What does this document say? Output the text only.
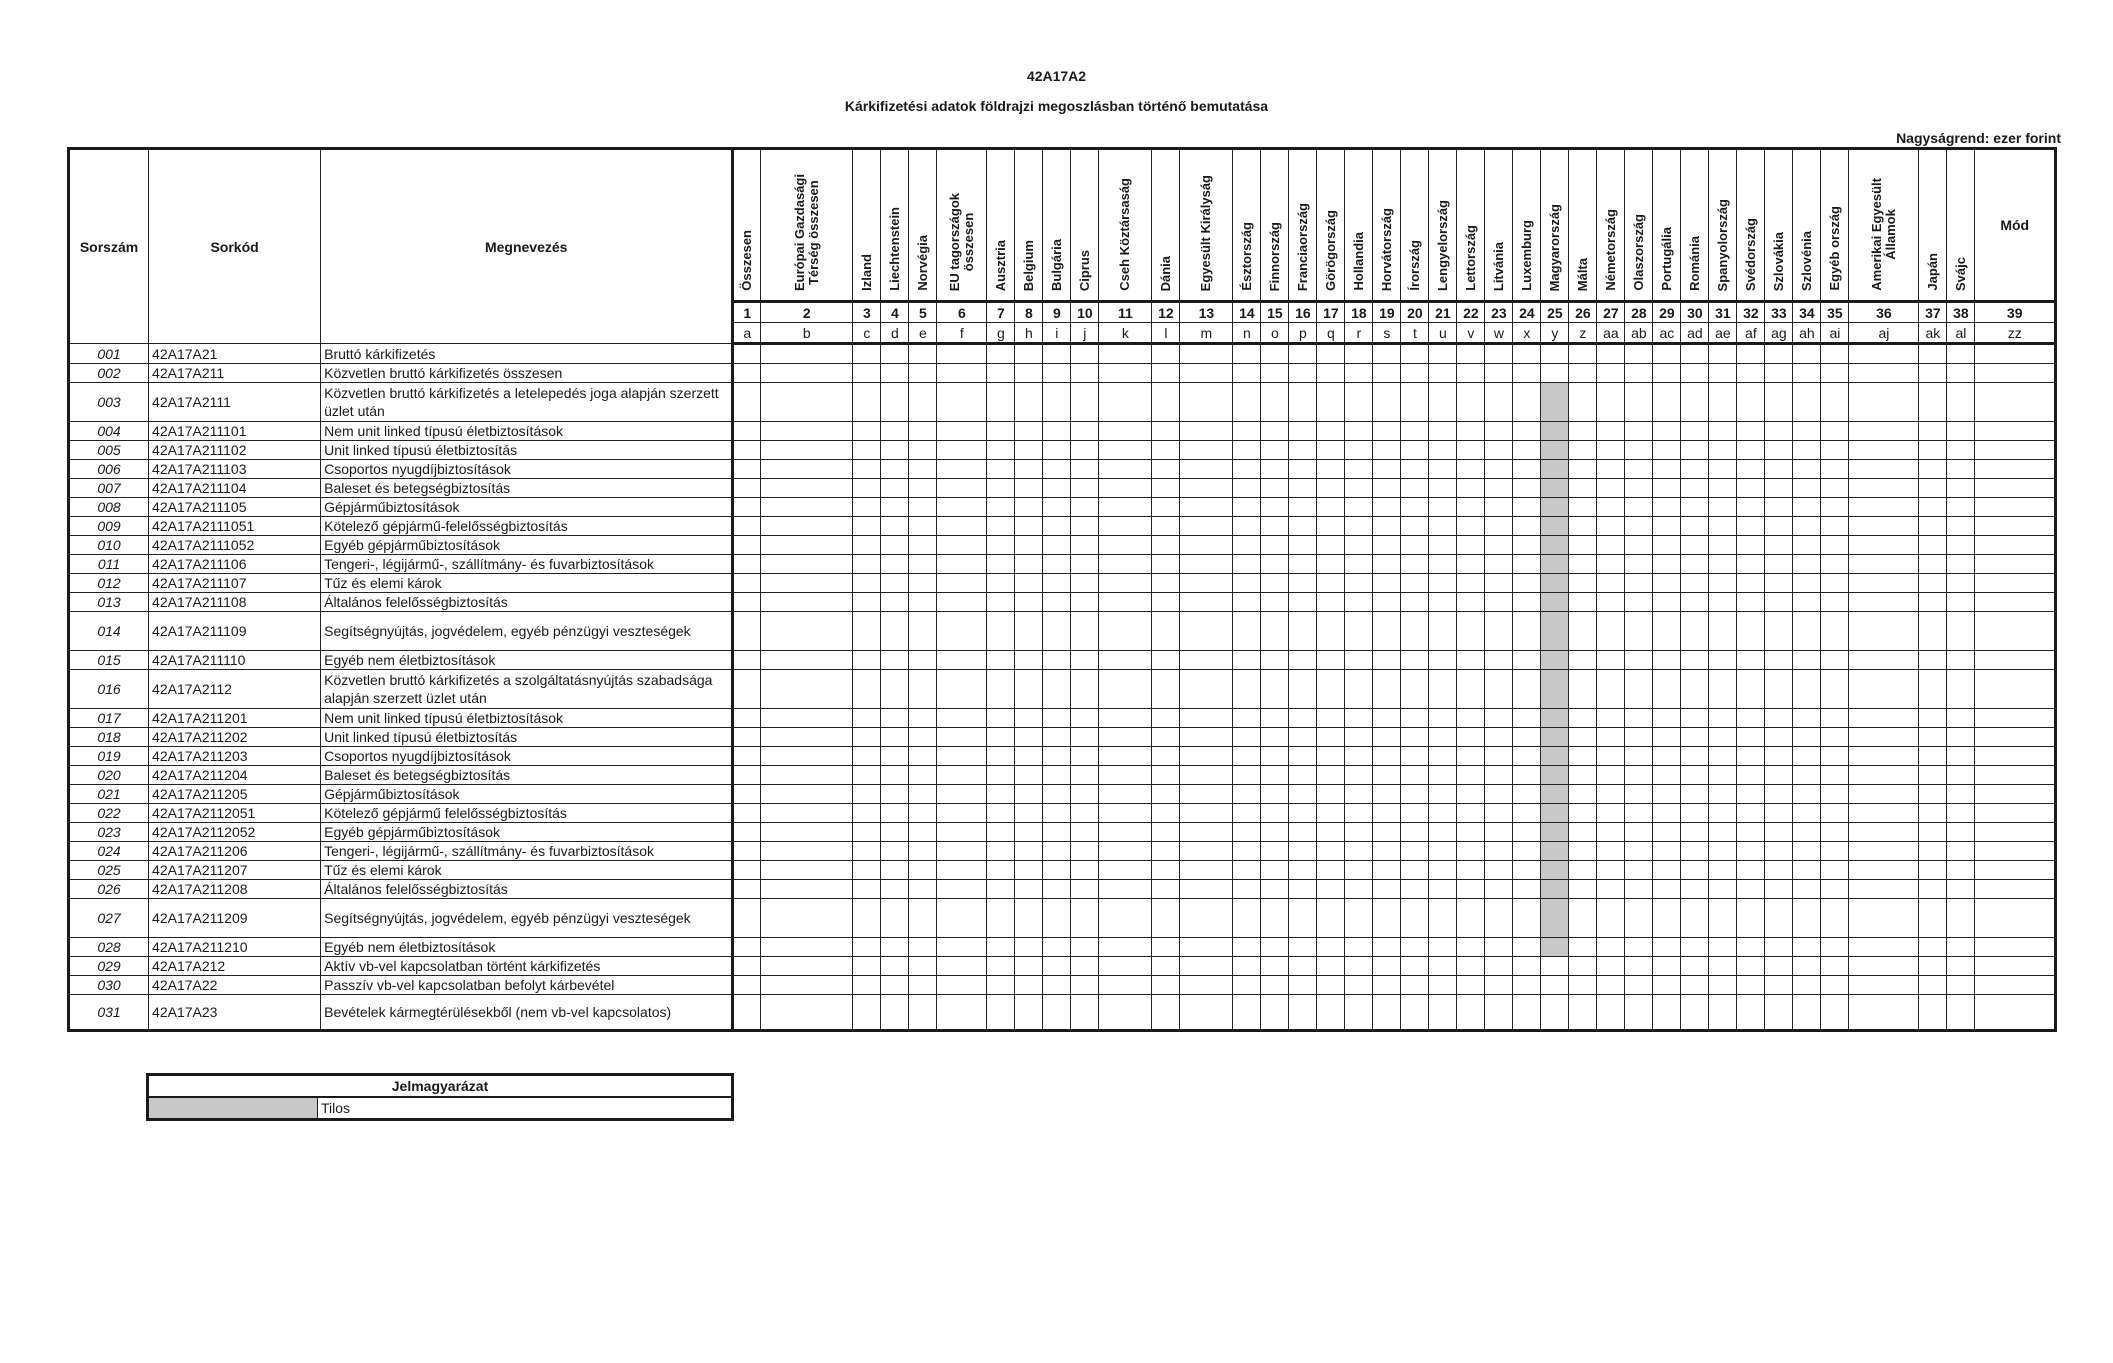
42A17A2
Kárkifizetési adatok földrajzi megoszlásban történő bemutatása
Nagyságrend: ezer forint
Sorszám	Sorkód	Megnevezés	Összesen	Európai Gazdasági
Térség összesen	Izland	Liechtenstein	Norvégia	EU tagországok
összesen	Ausztria	Belgium	Bulgária	Ciprus	Cseh Köztársaság	Dánia	Egyesült Királyság	Észtország	Finnország	Franciaország	Görögország	Hollandia	Horvátország	Írország	Lengyelország	Lettország	Litvánia	Luxemburg	Magyarország	Málta	Németország	Olaszország	Portugália	Románia	Spanyolország	Svédország	Szlovákia	Szlovénia	Egyéb ország	Amerikai Egyesült
Államok	Japán	Svájc	Mód
			1	2	3	4	5	6	7	8	9	10	11	12	13	14	15	16	17	18	19	20	21	22	23	24	25	26	27	28	29	30	31	32	33	34	35	36	37	38	39
			a	b	c	d	e	f	g	h	i	j	k	l	m	n	o	p	q	r	s	t	u	v	w	x	y	z	aa	ab	ac	ad	ae	af	ag	ah	ai	aj	ak	al	zz
001	42A17A21	Bruttó kárkifizetés																																							
002	42A17A211	Közvetlen bruttó kárkifizetés összesen																																							
003	42A17A2111	Közvetlen bruttó kárkifizetés a letelepedés joga alapján szerzett üzlet után																																							
004	42A17A211101	Nem unit linked típusú életbiztosítások																																							
005	42A17A211102	Unit linked típusú életbiztosítás																																							
006	42A17A211103	Csoportos nyugdíjbiztosítások																																							
007	42A17A211104	Baleset és betegségbiztosítás																																							
008	42A17A211105	Gépjárműbiztosítások																																							
009	42A17A2111051	Kötelező gépjármű-felelősségbiztosítás																																							
010	42A17A2111052	Egyéb gépjárműbiztosítások																																							
011	42A17A211106	Tengeri-, légijármű-, szállítmány- és fuvarbiztosítások																																							
012	42A17A211107	Tűz és elemi károk																																							
013	42A17A211108	Általános felelősségbiztosítás																																							
014	42A17A211109	Segítségnyújtás, jogvédelem, egyéb pénzügyi veszteségek																																							
015	42A17A211110	Egyéb nem életbiztosítások																																							
016	42A17A2112	Közvetlen bruttó kárkifizetés a szolgáltatásnyújtás szabadsága alapján szerzett üzlet után																																							
017	42A17A211201	Nem unit linked típusú életbiztosítások																																							
018	42A17A211202	Unit linked típusú életbiztosítás																																							
019	42A17A211203	Csoportos nyugdíjbiztosítások																																							
020	42A17A211204	Baleset és betegségbiztosítás																																							
021	42A17A211205	Gépjárműbiztosítások																																							
022	42A17A2112051	Kötelező gépjármű felelősségbiztosítás																																							
023	42A17A2112052	Egyéb gépjárműbiztosítások																																							
024	42A17A211206	Tengeri-, légijármű-, szállítmány- és fuvarbiztosítások																																							
025	42A17A211207	Tűz és elemi károk																																							
026	42A17A211208	Általános felelősségbiztosítás																																							
027	42A17A211209	Segítségnyújtás, jogvédelem, egyéb pénzügyi veszteségek																																							
028	42A17A211210	Egyéb nem életbiztosítások																																							
029	42A17A212	Aktív vb-vel kapcsolatban történt kárkifizetés																																							
030	42A17A22	Passzív vb-vel kapcsolatban befolyt kárbevétel																																							
031	42A17A23	Bevételek kármegtérülésekből (nem vb-vel kapcsolatos)																																							
Jelmagyarázat
	Tilos
